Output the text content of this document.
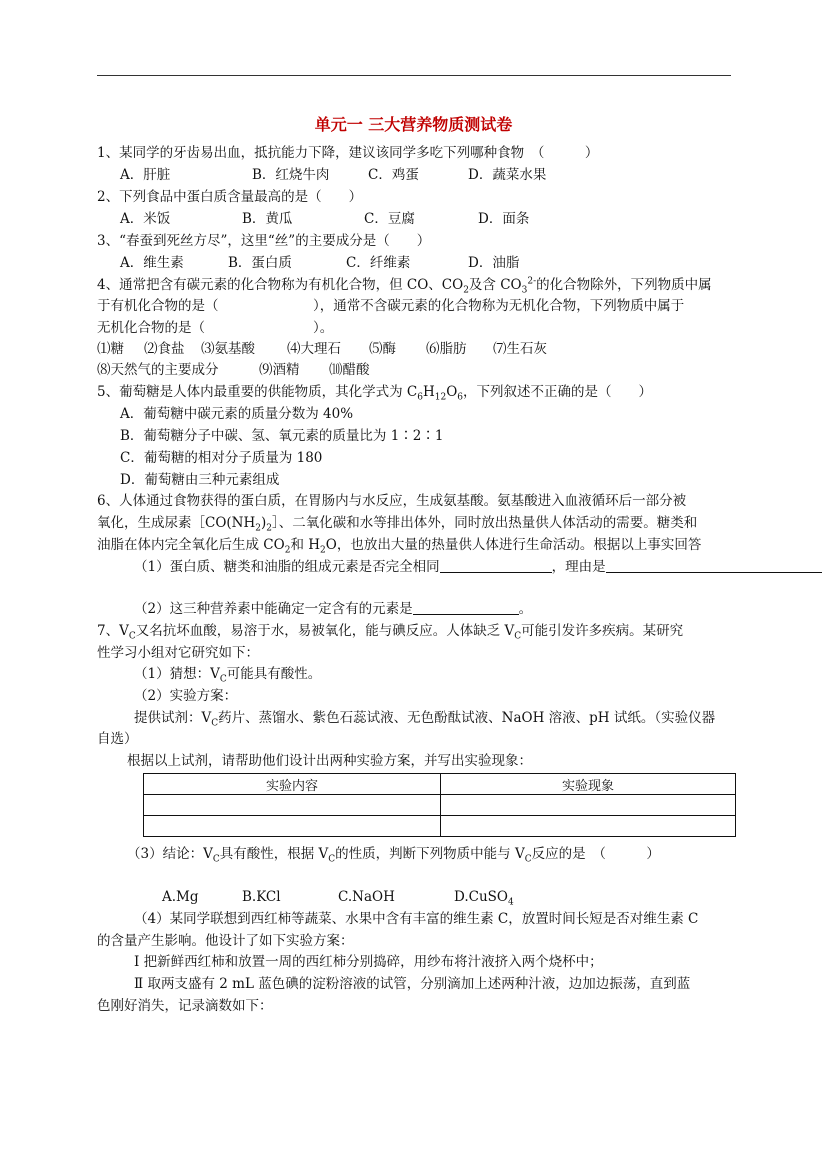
单元一 三大营养物质测试卷
1、某同学的牙齿易出血，抵抗能力下降，建议该同学多吃下列哪种食物　（　　　）
A．肝脏	B．红烧牛肉	C．鸡蛋	D．蔬菜水果
2、下列食品中蛋白质含量最高的是（　　）
A．米饭	B．黄瓜	C．豆腐	D．面条
3、“春蚕到死丝方尽”，这里“丝”的主要成分是（　　）
A．维生素	B．蛋白质	C．纤维素	D．油脂
4、通常把含有碳元素的化合物称为有机化合物，但 CO、$CO_2$及含 $CO_3^{2-}$的化合物除外，下列物质中属
于有机化合物的是（　　　　　　　），通常不含碳元素的化合物称为无机化合物，下列物质中属于
无机化合物的是（　　　　　　　　）。
⑴糖 ⑵食盐 ⑶氨基酸 ⑷大理石 ⑸酶 ⑹脂肪 ⑺生石灰
⑻天然气的主要成分	⑼酒精 ⑽醋酸
5、葡萄糖是人体内最重要的供能物质，其化学式为 $C_6H_{12}O_6$，下列叙述不正确的是（　　）
A．葡萄糖中碳元素的质量分数为 40%
B．葡萄糖分子中碳、氢、氧元素的质量比为 1∶2∶1
C．葡萄糖的相对分子质量为 180
D．葡萄糖由三种元素组成
6、人体通过食物获得的蛋白质，在胃肠内与水反应，生成氨基酸。氨基酸进入血液循环后一部分被
氧化，生成尿素$[CO(NH_2)_2]$、二氧化碳和水等排出体外，同时放出热量供人体活动的需要。糖类和
油脂在体内完全氧化后生成 $CO_2$和 $H_2O$，也放出大量的热量供人体进行生命活动。根据以上事实回答
（1）蛋白质、糖类和油脂的组成元素是否完全相同	，理由是
（2）这三种营养素中能确定一定含有的元素是	。
7、$V_C$又名抗坏血酸，易溶于水，易被氧化，能与碘反应。人体缺乏 $V_C$可能引发许多疾病。某研究
性学习小组对它研究如下：
（1）猜想：$V_C$可能具有酸性。
（2）实验方案：
提供试剂：$V_C$药片、蒸馏水、紫色石蕊试液、无色酚酞试液、NaOH 溶液、pH 试纸。（实验仪器
自选）
根据以上试剂，请帮助他们设计出两种实验方案，并写出实验现象：
实验内容	实验现象

（3）结论：$V_C$具有酸性，根据 $V_C$的性质，判断下列物质中能与 $V_C$反应的是　（　　　）
A.Mg	B.KCl	C.NaOH	D.CuSO$_4$
（4）某同学联想到西红柿等蔬菜、水果中含有丰富的维生素 C，放置时间长短是否对维生素 C
的含量产生影响。他设计了如下实验方案：
Ⅰ 把新鲜西红柿和放置一周的西红柿分别捣碎，用纱布将汁液挤入两个烧杯中；
Ⅱ 取两支盛有 2 mL 蓝色碘的淀粉溶液的试管，分别滴加上述两种汁液，边加边振荡，直到蓝
色刚好消失，记录滴数如下：
